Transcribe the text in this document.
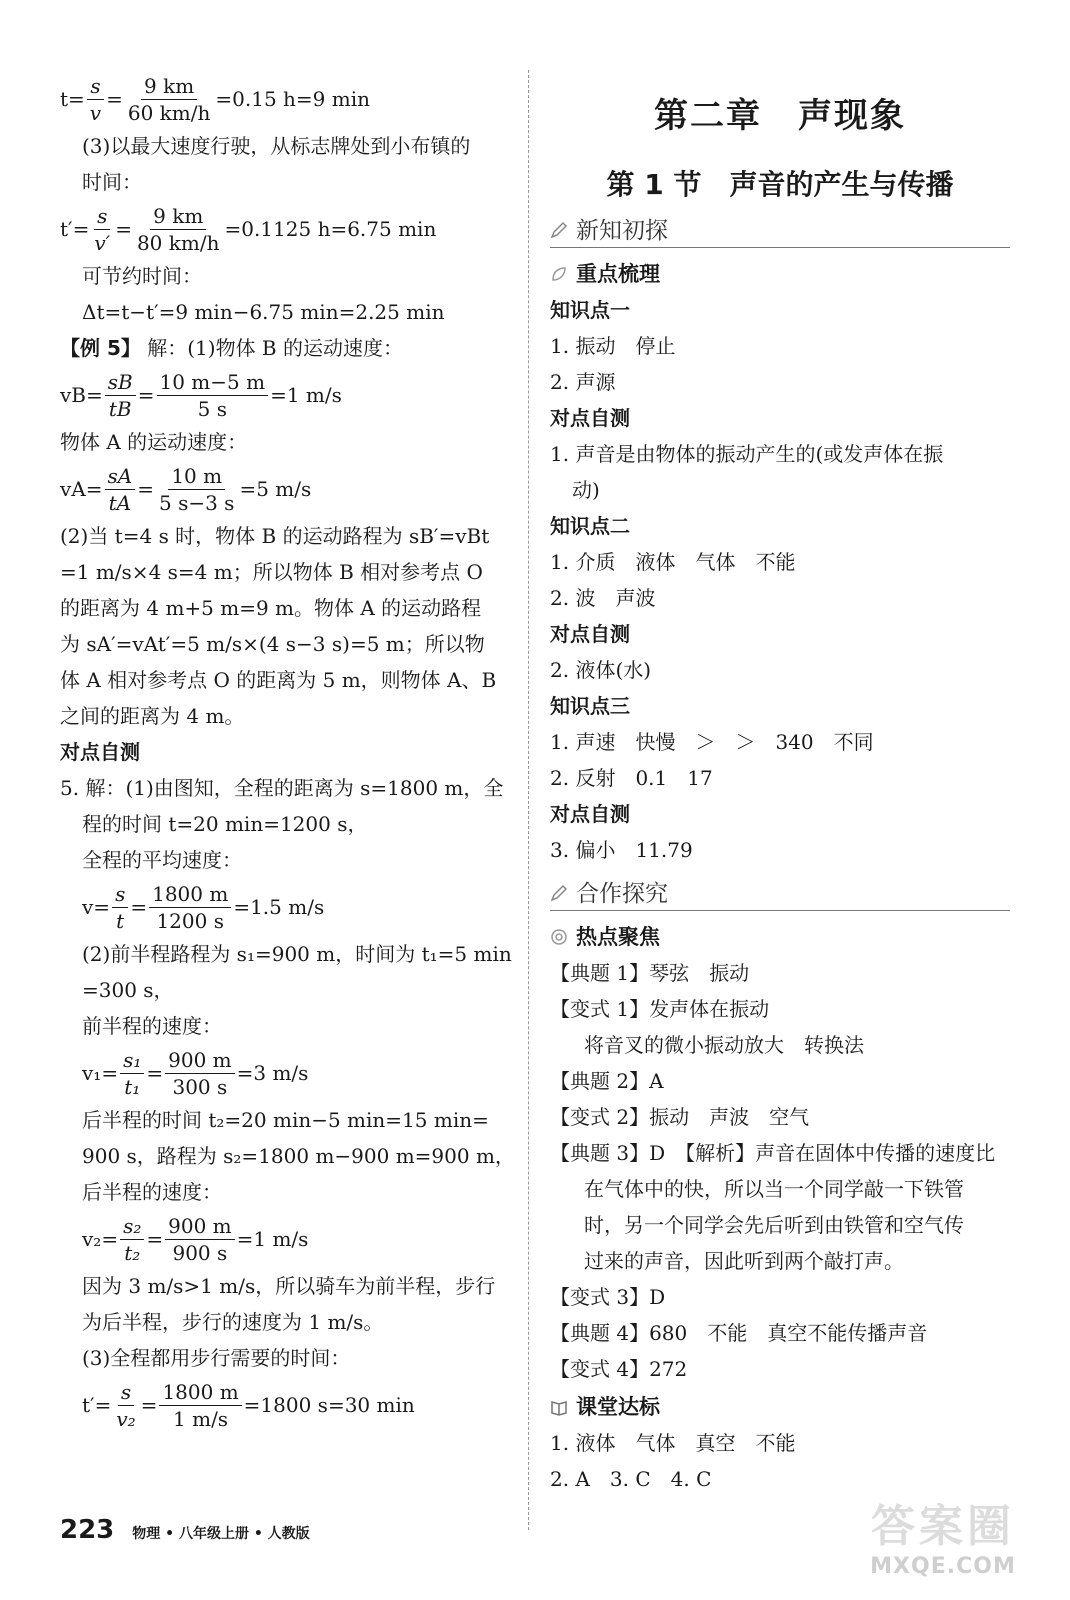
$t= \frac{s}{v} = \frac{9 km}{60 km/h} =0.15$ h=9 min
(3)以最大速度行驶，从标志牌处到小布镇的
时间：
$t'= \frac{s}{v'} = \frac{9 km}{80 km/h} =0.1125$ h=6.75 min
可节约时间：
Δt=t−t′=9 min−6.75 min=2.25 min
【例 5】 解：(1)物体 B 的运动速度：
$vB= \frac{sB}{tB} = \frac{10 m-5 m}{5 s} =1$ m/s
物体 A 的运动速度：
$vA= \frac{sA}{tA} = \frac{10 m}{5 s-3 s} =5$ m/s
(2)当 t=4 s 时，物体 B 的运动路程为 sB′=vBt
=1 m/s×4 s=4 m；所以物体 B 相对参考点 O
的距离为 4 m+5 m=9 m。物体 A 的运动路程
为 sA′=vAt′=5 m/s×(4 s−3 s)=5 m；所以物
体 A 相对参考点 O 的距离为 5 m，则物体 A、B
之间的距离为 4 m。
对点自测
5. 解：(1)由图知，全程的距离为 s=1800 m，全
程的时间 t=20 min=1200 s，
全程的平均速度：
$v= \frac{s}{t} = \frac{1800 m}{1200 s} =1.5$ m/s
(2)前半程路程为 s₁=900 m，时间为 t₁=5 min
=300 s，
前半程的速度：
$v_1= \frac{\text{s₁}}{\text{t₁}} = \frac{900 m}{300 s} =3$ m/s
后半程的时间 t₂=20 min−5 min=15 min=
900 s，路程为 s₂=1800 m−900 m=900 m，
后半程的速度：
$v_2= \frac{\text{s₂}}{\text{t₂}} = \frac{900 m}{900 s} =1$ m/s
因为 3 m/s>1 m/s，所以骑车为前半程，步行
为后半程，步行的速度为 1 m/s。
(3)全程都用步行需要的时间：
$t'= \frac{s}{\text{v₂}} = \frac{1800 m}{1 m/s} =1800$ s=30 min
第二章　声现象
第 1 节　声音的产生与传播
新知初探
重点梳理
知识点一
1. 振动　停止
2. 声源
对点自测
1. 声音是由物体的振动产生的(或发声体在振
动)
知识点二
1. 介质　液体　气体　不能
2. 波　声波
对点自测
2. 液体(水)
知识点三
1. 声速　快慢　＞　＞　340　不同
2. 反射　0.1　17
对点自测
3. 偏小　11.79
合作探究
热点聚焦
【典题 1】琴弦　振动
【变式 1】发声体在振动
将音叉的微小振动放大　转换法
【典题 2】A
【变式 2】振动　声波　空气
【典题 3】D　【解析】声音在固体中传播的速度比
在气体中的快，所以当一个同学敲一下铁管
时，另一个同学会先后听到由铁管和空气传
过来的声音，因此听到两个敲打声。
【变式 3】D
【典题 4】680　不能　真空不能传播声音
【变式 4】272
课堂达标
1. 液体　气体　真空　不能
2. A　3. C　4. C
223 物理 • 八年级上册 • 人教版	答案圈
MXQE.COM
